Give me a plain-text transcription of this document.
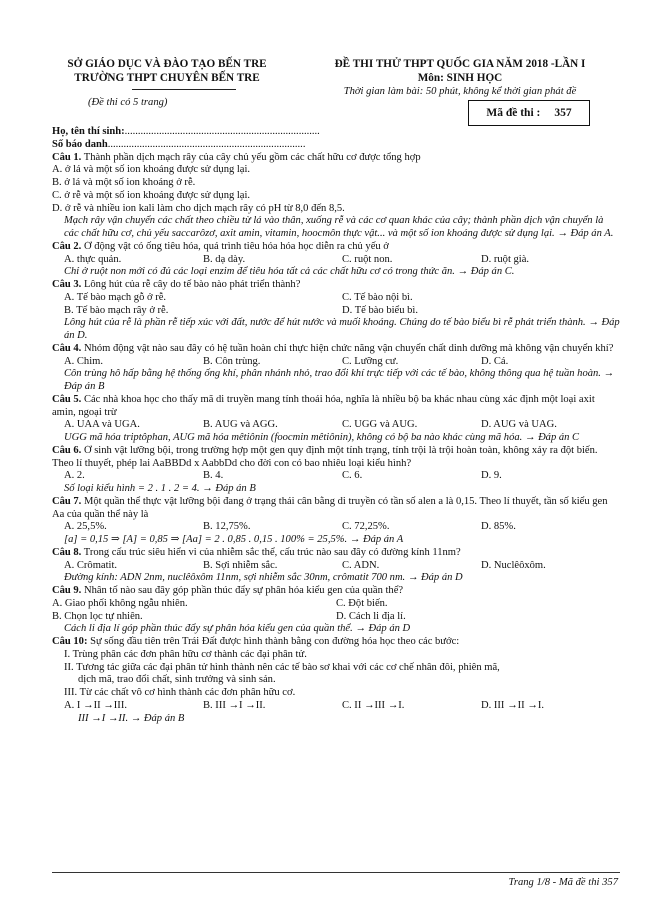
SỞ GIÁO DỤC VÀ ĐÀO TẠO BẾN TRE
TRƯỜNG THPT CHUYÊN BẾN TRE
(Đề thi có 5 trang)
ĐỀ THI THỬ THPT QUỐC GIA NĂM 2018 -LẦN I
Môn: SINH HỌC
Thời gian làm bài: 50 phút, không kể thời gian phát đề
Mã đề thi : 357
Họ, tên thí sinh:..........................................................................
Số báo danh...........................................................................
Câu 1. Thành phần dịch mạch rây của cây chủ yếu gồm các chất hữu cơ được tổng hợp
A. ở lá và một số ion khoáng được sử dụng lại.
B. ở lá và một số ion khoáng ở rễ.
C. ở rễ và một số ion khoáng được sử dụng lại.
D. ở rễ và nhiều ion kali làm cho dịch mạch rây có pH từ 8,0 đến 8,5.
Mạch rây vận chuyển các chất theo chiều từ lá vào thân, xuống rễ và các cơ quan khác của cây; thành phần dịch vận chuyển là các chất hữu cơ, chủ yếu saccarôzơ, axit amin, vitamin, hoocmôn thực vật... và một số ion khoáng được sử dụng lại. → Đáp án A.
Câu 2. Ở động vật có ống tiêu hóa, quá trình tiêu hóa hóa học diễn ra chủ yếu ở
A. thực quản.	B. dạ dày.	C. ruột non.	D. ruột già.
Chỉ ở ruột non mới có đủ các loại enzim để tiêu hóa tất cả các chất hữu cơ có trong thức ăn. → Đáp án C.
Câu 3. Lông hút của rễ cây do tế bào nào phát triển thành?
A. Tế bào mạch gỗ ở rễ.	C. Tế bào nội bì.
B. Tế bào mạch rây ở rễ.	D. Tế bào biểu bì.
Lông hút của rễ là phần rễ tiếp xúc với đất, nước để hút nước và muối khoáng. Chúng do tế bào biểu bì rễ phát triển thành. → Đáp án D.
Câu 4. Nhóm động vật nào sau đây có hệ tuần hoàn chỉ thực hiện chức năng vận chuyển chất dinh dưỡng mà không vận chuyển khí?
A. Chim.	B. Côn trùng.	C. Lưỡng cư.	D. Cá.
Côn trùng hô hấp bằng hệ thống ống khí, phân nhánh nhỏ, trao đổi khí trực tiếp với các tế bào, không thông qua hệ tuần hoàn. → Đáp án B
Câu 5. Các nhà khoa học cho thấy mã di truyền mang tính thoái hóa, nghĩa là nhiều bộ ba khác nhau cùng xác định một loại axit amin, ngoại trừ
A. UAA và UGA.	B. AUG và AGG.	C. UGG và AUG.	D. AUG và UAG.
UGG mã hóa triptôphan, AUG mã hóa mêtiônin (foocmin mêtiônin), không có bộ ba nào khác cùng mã hóa. → Đáp án C
Câu 6. Ở sinh vật lưỡng bội, trong trường hợp một gen quy định một tính trạng, tính trội là trội hoàn toàn, không xảy ra đột biến. Theo lí thuyết, phép lai AaBBDd x AabbDd cho đời con có bao nhiêu loại kiểu hình?
A. 2.	B. 4.	C. 6.	D. 9.
Số loại kiểu hình = 2 . 1 . 2 = 4. → Đáp án B
Câu 7. Một quần thể thực vật lưỡng bội đang ở trạng thái cân bằng di truyền có tần số alen a là 0,15. Theo lí thuyết, tần số kiểu gen Aa của quần thể này là
A. 25,5%.	B. 12,75%.	C. 72,25%.	D. 85%.
[a] = 0,15 ⇒ [A] = 0,85 ⇒ [Aa] = 2 . 0,85 . 0,15 . 100% = 25,5%. → Đáp án A
Câu 8. Trong cấu trúc siêu hiển vi của nhiễm sắc thể, cấu trúc nào sau đây có đường kính 11nm?
A. Crômatit.	B. Sợi nhiễm sắc.	C. ADN.	D. Nuclêôxôm.
Đường kính: ADN 2nm, nuclêôxôm 11nm, sợi nhiễm sắc 30nm, crômatit 700 nm. → Đáp án D
Câu 9. Nhân tố nào sau đây góp phần thúc đẩy sự phân hóa kiểu gen của quần thể?
A. Giao phối không ngẫu nhiên.	C. Đột biến.
B. Chọn lọc tự nhiên.	D. Cách li địa lí.
Cách li địa lí góp phần thúc đẩy sự phân hóa kiểu gen của quần thể. → Đáp án D
Câu 10: Sự sống đầu tiên trên Trái Đất được hình thành bằng con đường hóa học theo các bước:
I. Trùng phân các đơn phân hữu cơ thành các đại phân tử.
II. Tương tác giữa các đại phân tử hình thành nên các tế bào sơ khai với các cơ chế nhân đôi, phiên mã,
dịch mã, trao đổi chất, sinh trưởng và sinh sản.
III. Từ các chất vô cơ hình thành các đơn phân hữu cơ.
A. I →II →III.	B. III →I →II.	C. II →III →I.	D. III →II →I.
III →I →II. → Đáp án B
Trang 1/8 - Mã đề thi 357
